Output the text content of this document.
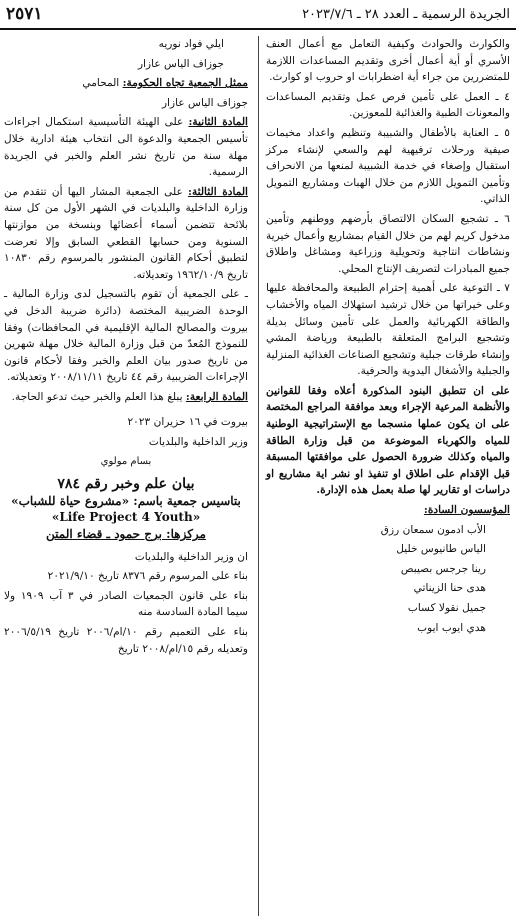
الجريدة الرسمية ـ العدد ٢٨ ـ ٢٠٢٣/٧/٦
٢٥٧١

والكوارث والحوادث وكيفية التعامل مع أعمال العنف الأسري أو أية أعمال أخرى وتقديم المساعدات اللازمة للمتضررين من جراء أية اضطرابات او حروب او كوارث.

٤ ـ العمل على تأمين فرص عمل وتقديم المساعدات والمعونات الطبية والغذائية للمعوزين.

٥ ـ العناية بالأطفال والشبيبة وتنظيم واعداد مخيمات صيفية ورحلات ترفيهية لهم والسعي لإنشاء مركز استقبال وإصغاء في خدمة الشبيبة لمنعها من الانحراف وتأمين التمويل اللازم من خلال الهبات ومشاريع التمويل الذاتي.

٦ ـ تشجيع السكان الالتصاق بأرضهم ووطنهم وتأمين مدخول كريم لهم من خلال القيام بمشاريع وأعمال خيرية ونشاطات انتاجية وتحويلية وزراعية ومشاغل واطلاق جميع المبادرات لتصريف الإنتاج المحلي.

٧ ـ التوعية على أهمية إحترام الطبيعة والمحافظة عليها وعلى خيراتها من خلال ترشيد استهلاك المياه والأخشاب والطاقة الكهربائية والعمل على تأمين وسائل بديلة وتشجيع البرامج المتعلقة بالطبيعة ورياضة المشي وإنشاء طرقات جبلية وتشجيع الصناعات الغذائية المنزلية والجبلية والأشغال اليدوية والحرفية.

على ان تتطبق البنود المذكورة أعلاه وفقا للقوانين والأنظمة المرعية الإجراء وبعد موافقة المراجع المختصة على ان يكون عملها منسجما مع الإستراتيجية الوطنية للمياه والكهرباء الموضوعة من قبل وزارة الطاقة والمياه وكذلك ضرورة الحصول على موافقتها المسبقة قبل الإقدام على اطلاق او تنفيذ او نشر اية مشاريع او دراسات او تقارير لها صلة بعمل هذه الإدارة.

المؤسسون السادة:

الأب ادمون سمعان رزق

الياس طانيوس خليل

رينا جرجس بصيبص

هدى حنا الزيناتي

جميل نقولا كساب

هدي ايوب ايوب

ايلي فواد نوريه

جوزاف الياس عازار

ممثل الجمعية تجاه الحكومة: المحامي

جوزاف الياس عازار

المادة الثانية: على الهيئة التأسيسية استكمال اجراءات تأسيس الجمعية والدعوة الى انتخاب هيئة ادارية خلال مهلة سنة من تاريخ نشر العلم والخبر في الجريدة الرسمية.

المادة الثالثة: على الجمعية المشار اليها أن تتقدم من وزارة الداخلية والبلديات في الشهر الأول من كل سنة بلائحة تتضمن أسماء أعضائها وبنسخة من موازنتها السنوية ومن حسابها القطعي السابق وإلا تعرضت لتطبيق أحكام القانون المنشور بالمرسوم رقم ١٠٨٣٠ تاريخ ١٩٦٢/١٠/٩ وتعديلاته.

ـ على الجمعية أن تقوم بالتسجيل لدى وزارة المالية ـ الوحدة الضريبية المختصة (دائرة ضريبة الدخل في بيروت والمصالح المالية الإقليمية في المحافظات) وفقا للنموذج المُعدّ من قبل وزارة المالية خلال مهلة شهرين من تاريخ صدور بيان العلم والخبر وفقا لأحكام قانون الإجراءات الضريبية رقم ٤٤ تاريخ ٢٠٠٨/١١/١١ وتعديلاته.

المادة الرابعة: يبلغ هذا العلم والخبر حيث تدعو الحاجة.

بيروت في ١٦ حزيران ٢٠٢٣

وزير الداخلية والبلديات

بسام مولوي

بيان علم وخبر رقم ٧٨٤
بتاسيس جمعية باسم: «مشروع حياة للشباب»
«Life Project 4 Youth»
مركزها: برج حمود ـ قضاء المتن

ان وزير الداخلية والبلديات

بناء على المرسوم رقم ٨٣٧٦ تاريخ ٢٠٢١/٩/١٠

بناء على قانون الجمعيات الصادر في ٣ آب ١٩٠٩ ولا سيما المادة السادسة منه

بناء على التعميم رقم ١٠/ام/٢٠٠٦ تاريخ ٢٠٠٦/٥/١٩ وتعديله رقم ١٥/ام/٢٠٠٨ تاريخ
